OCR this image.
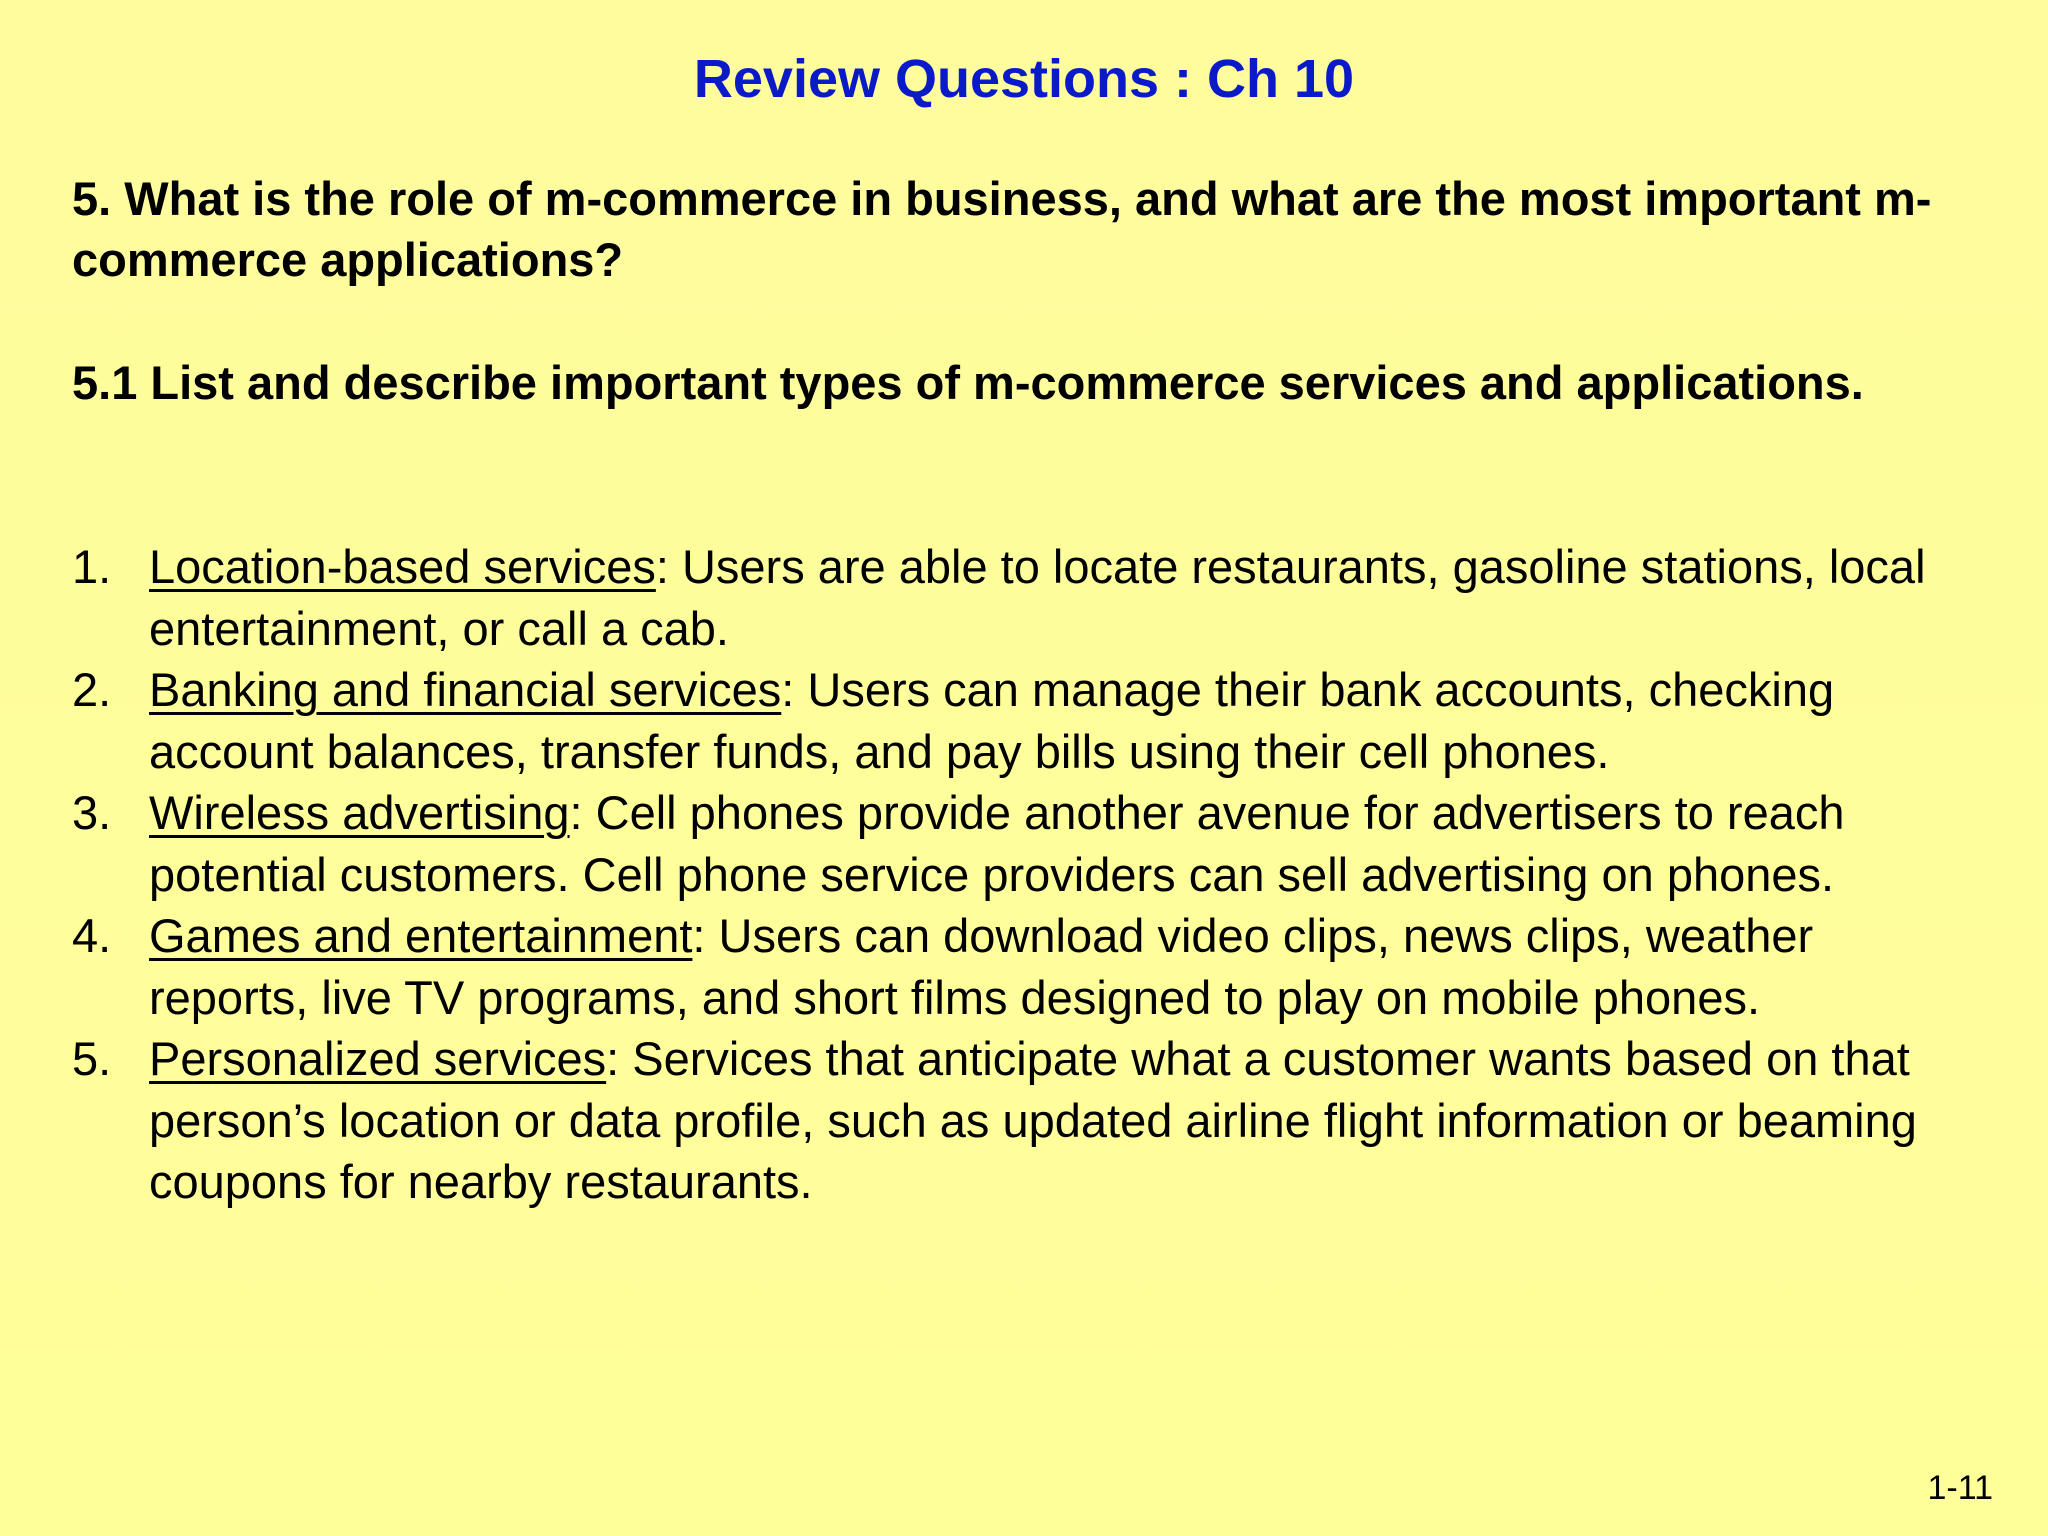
Review Questions : Ch 10
5. What is the role of m-commerce in business, and what are the most important m-commerce applications?
5.1 List and describe important types of m-commerce services and applications.
1. Location-based services: Users are able to locate restaurants, gasoline stations, local entertainment, or call a cab.
2. Banking and financial services: Users can manage their bank accounts, checking account balances, transfer funds, and pay bills using their cell phones.
3. Wireless advertising: Cell phones provide another avenue for advertisers to reach potential customers. Cell phone service providers can sell advertising on phones.
4. Games and entertainment: Users can download video clips, news clips, weather reports, live TV programs, and short films designed to play on mobile phones.
5. Personalized services: Services that anticipate what a customer wants based on that person’s location or data profile, such as updated airline flight information or beaming coupons for nearby restaurants.
1-11
